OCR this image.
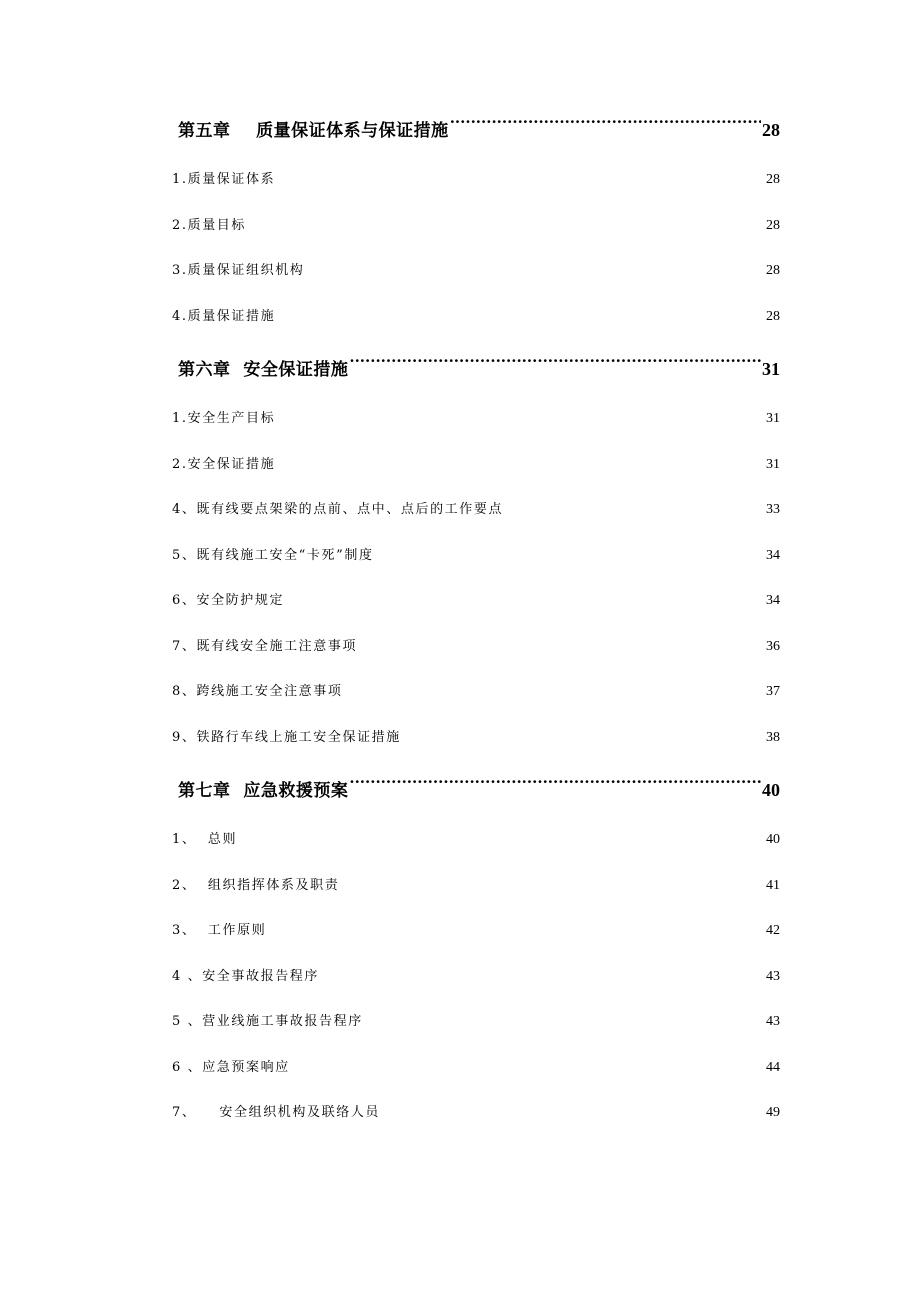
第五章    质量保证体系与保证措施 .....	28
1.质量保证体系 .....	28
2.质量目标 .....	28
3.质量保证组织机构 .....	28
4.质量保证措施 .....	28
第六章  安全保证措施 .....	31
1.安全生产目标 .....	31
2.安全保证措施 .....	31
4、既有线要点架梁的点前、点中、点后的工作要点 .....	33
5、既有线施工安全“卡死”制度 .....	34
6、安全防护规定 .....	34
7、既有线安全施工注意事项 .....	36
8、跨线施工安全注意事项 .....	37
9、铁路行车线上施工安全保证措施 .....	38
第七章  应急救援预案 .....	40
1、  总则 .....	40
2、  组织指挥体系及职责 .....	41
3、  工作原则 .....	42
4 、安全事故报告程序 .....	43
5 、营业线施工事故报告程序 .....	43
6 、应急预案响应 .....	44
7、    安全组织机构及联络人员 .....	49
